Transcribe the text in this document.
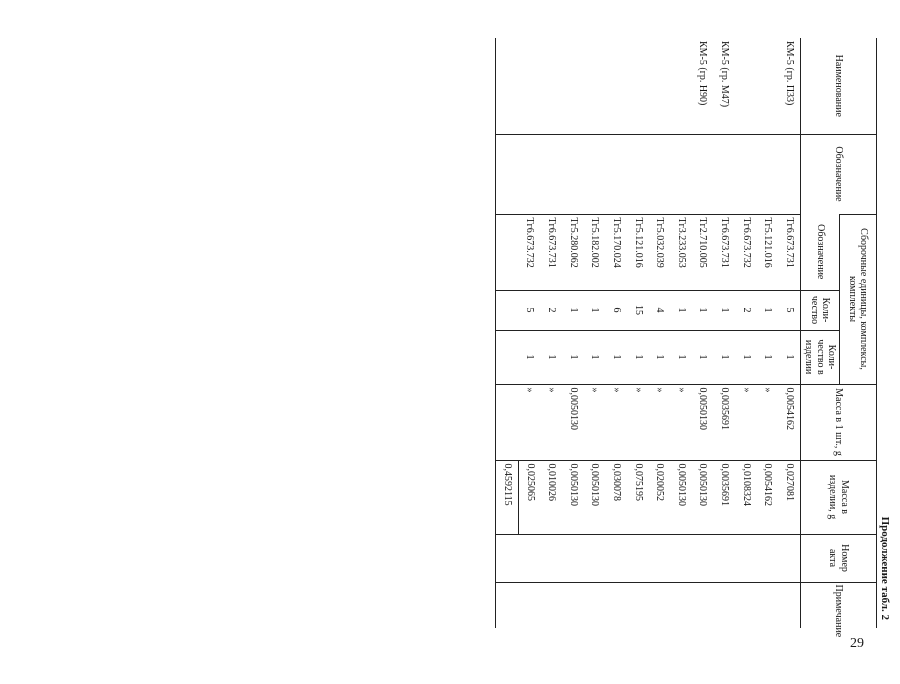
Продолжение табл. 2
Наименование	Обозначение	Сборочные единицы, комплексы, комплекты			Масса в 1 шт., g	Масса в изделии, g	Номер акта	Примечание
		Обозначение	Коли-чество	Коли-чество в изделии				
КМ-5 (гр. П33)		Тг6.673.731	5	1	0,0054162	0,027081		
		Тг5.121.016	1	1	»	0,0054162		
		Тг6.673.732	2	1	»	0,0108324		
КМ-5 (гр. М47)		Тг6.673.731	1	1	0,0035691	0,0035691		
КМ-5 (гр. Н90)		Тг2.710.005	1	1	0,0050130	0,0050130		
		Тг3.233.053	1	1	»	0,0050130		
		Тг5.032.039	4	1	»	0,020052		
		Тг5.121.016	15	1	»	0,075195		
		Тг5.170.024	6	1	»	0,030078		
		Тг5.182.002	1	1	»	0,0050130		
		Тг5.280.062	1	1	0,0050130	0,0050130		
		Тг6.673.731	2	1	»	0,010026		
		Тг6.673.732	5	1	»	0,025065		
						0,4592115		
29
